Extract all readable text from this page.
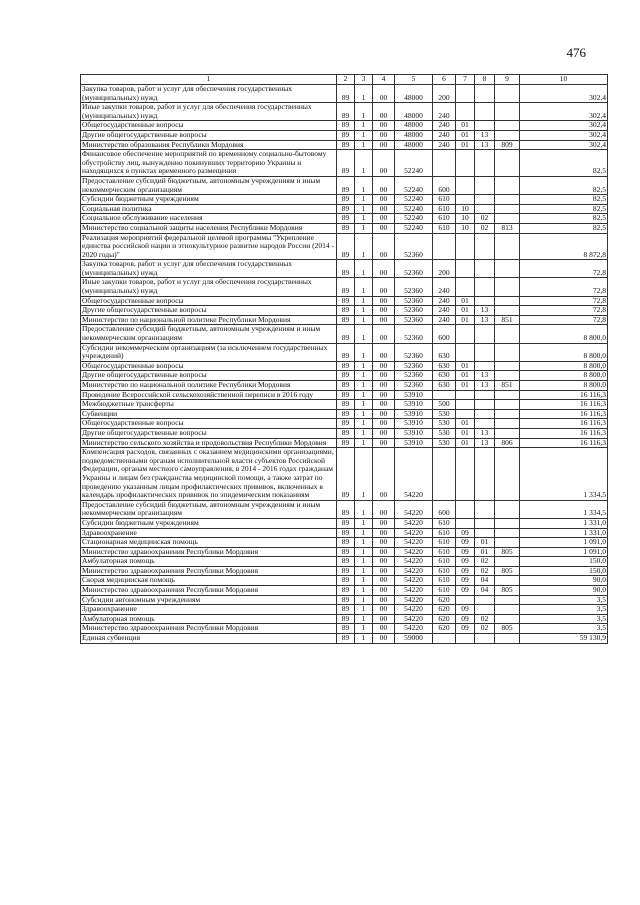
476
1	2	3	4	5	6	7	8	9	10
Закупка товаров, работ и услуг для обеспечения государственных (муниципальных) нужд	89	1	00	48000	200				302,4
Иные закупки товаров, работ и услуг для обеспечения государственных (муниципальных) нужд	89	1	00	48000	240				302,4
Общегосударственные вопросы	89	1	00	48000	240	01			302,4
Другие общегосударственные вопросы	89	1	00	48000	240	01	13		302,4
Министерство образования Республики Мордовия	89	1	00	48000	240	01	13	809	302,4
Финансовое обеспечение мероприятий по временному социально-бытовому обустройству лиц, вынужденно покинувших территорию Украины и находящихся в пунктах временного размещения	89	1	00	52240					82,5
Предоставление субсидий бюджетным, автономным учреждениям и иным некоммерческим организациям	89	1	00	52240	600				82,5
Субсидии бюджетным учреждениям	89	1	00	52240	610				82,5
Социальная политика	89	1	00	52240	610	10			82,5
Социальное обслуживание населения	89	1	00	52240	610	10	02		82,5
Министерство социальной защиты населения Республики Мордовия	89	1	00	52240	610	10	02	813	82,5
Реализация мероприятий федеральной целевой программы "Укрепление единства российской нации и этнокультурное развитие народов России (2014 - 2020 годы)"	89	1	00	52360					8 872,8
Закупка товаров, работ и услуг для обеспечения государственных (муниципальных) нужд	89	1	00	52360	200				72,8
Иные закупки товаров, работ и услуг для обеспечения государственных (муниципальных) нужд	89	1	00	52360	240				72,8
Общегосударственные вопросы	89	1	00	52360	240	01			72,8
Другие общегосударственные вопросы	89	1	00	52360	240	01	13		72,8
Министерство по национальной политике Республики Мордовия	89	1	00	52360	240	01	13	851	72,8
Предоставление субсидий бюджетным, автономным учреждениям и иным некоммерческим организациям	89	1	00	52360	600				8 800,0
Субсидии некоммерческим организациям (за исключением государственных учреждений)	89	1	00	52360	630				8 800,0
Общегосударственные вопросы	89	1	00	52360	630	01			8 800,0
Другие общегосударственные вопросы	89	1	00	52360	630	01	13		8 800,0
Министерство по национальной политике Республики Мордовия	89	1	00	52360	630	01	13	851	8 800,0
Проведение Всероссийской сельскохозяйственной переписи в 2016 году	89	1	00	53910					16 116,3
Межбюджетные трансферты	89	1	00	53910	500				16 116,3
Субвенции	89	1	00	53910	530				16 116,3
Общегосударственные вопросы	89	1	00	53910	530	01			16 116,3
Другие общегосударственные вопросы	89	1	00	53910	530	01	13		16 116,3
Министерство сельского хозяйства и продовольствия Республики Мордовия	89	1	00	53910	530	01	13	806	16 116,3
Компенсация расходов, связанных с оказанием медицинскими организациями, подведомственными органам исполнительной власти субъектов Российской Федерации, органам местного самоуправления, в 2014 - 2016 годах гражданам Украины и лицам без гражданства медицинской помощи, а также затрат по проведению указанным лицам профилактических прививок, включенных в календарь профилактических прививок по эпидемическим показаниям	89	1	00	54220					1 334,5
Предоставление субсидий бюджетным, автономным учреждениям и иным некоммерческим организациям	89	1	00	54220	600				1 334,5
Субсидии бюджетным учреждениям	89	1	00	54220	610				1 331,0
Здравоохранение	89	1	00	54220	610	09			1 331,0
Стационарная медицинская помощь	89	1	00	54220	610	09	01		1 091,0
Министерство здравоохранения Республики Мордовия	89	1	00	54220	610	09	01	805	1 091,0
Амбулаторная помощь	89	1	00	54220	610	09	02		150,0
Министерство здравоохранения Республики Мордовия	89	1	00	54220	610	09	02	805	150,0
Скорая медицинская помощь	89	1	00	54220	610	09	04		90,0
Министерство здравоохранения Республики Мордовия	89	1	00	54220	610	09	04	805	90,0
Субсидии автономным учреждениям	89	1	00	54220	620				3,5
Здравоохранение	89	1	00	54220	620	09			3,5
Амбулаторная помощь	89	1	00	54220	620	09	02		3,5
Министерство здравоохранения Республики Мордовия	89	1	00	54220	620	09	02	805	3,5
Единая субвенция	89	1	00	59000					59 130,9
